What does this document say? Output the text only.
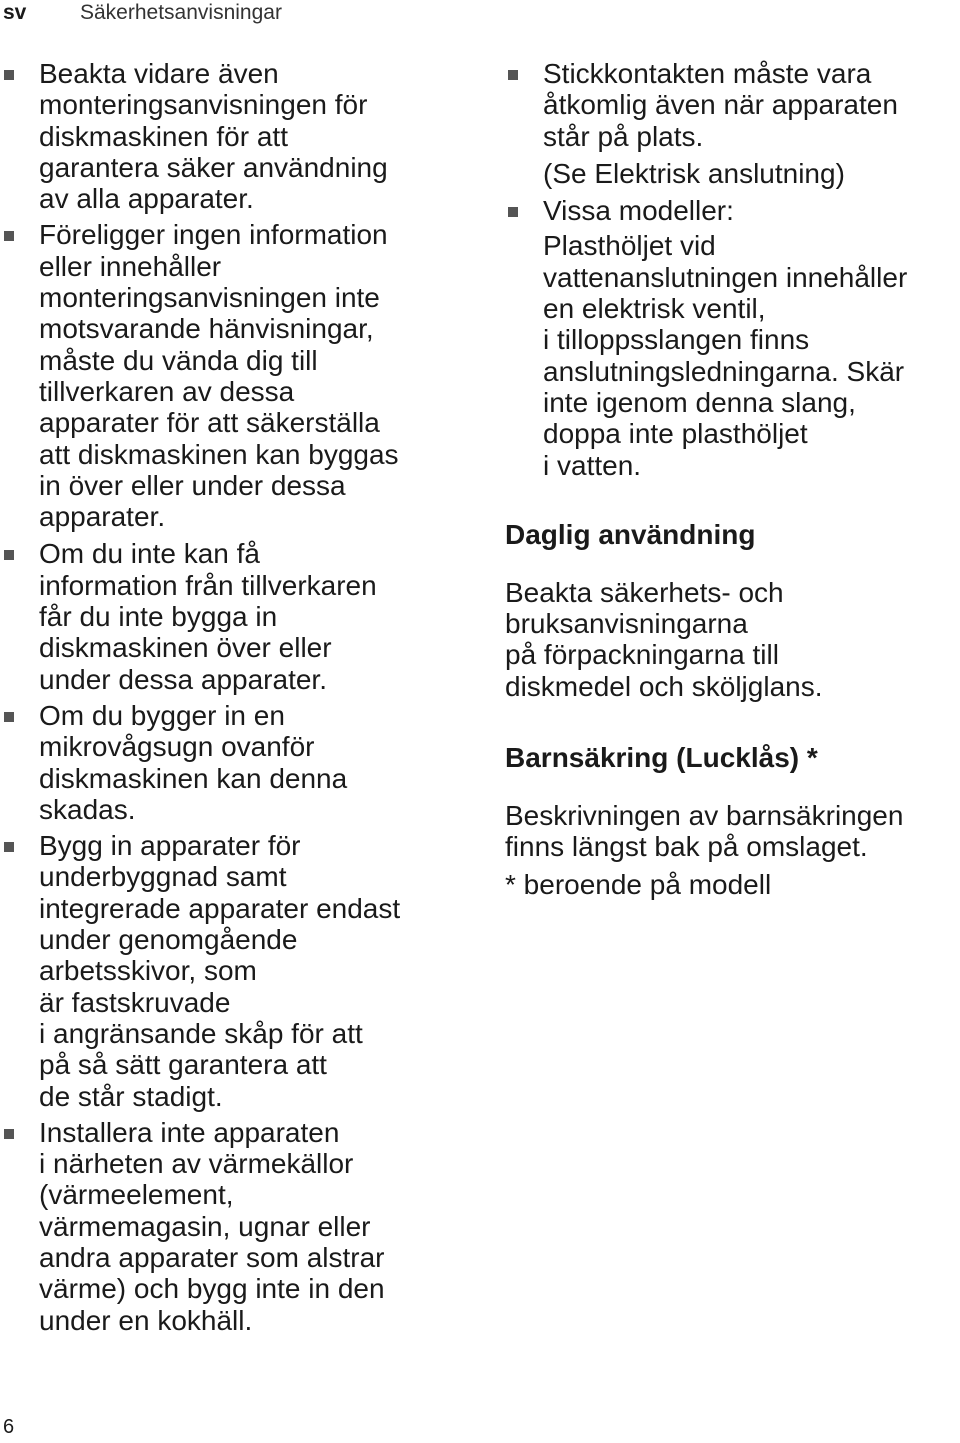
sv	Säkerhetsanvisningar
Beakta vidare även
monteringsanvisningen för
diskmaskinen för att
garantera säker användning
av alla apparater.
Föreligger ingen information
eller innehåller
monteringsanvisningen inte
motsvarande hänvisningar,
måste du vända dig till
tillverkaren av dessa
apparater för att säkerställa
att diskmaskinen kan byggas
in över eller under dessa
apparater.
Om du inte kan få
information från tillverkaren
får du inte bygga in
diskmaskinen över eller
under dessa apparater.
Om du bygger in en
mikrovågsugn ovanför
diskmaskinen kan denna
skadas.
Bygg in apparater för
underbyggnad samt
integrerade apparater endast
under genomgående
arbetsskivor, som
är fastskruvade
i angränsande skåp för att
på så sätt garantera att
de står stadigt.
Installera inte apparaten
i närheten av värmekällor
(värmeelement,
värmemagasin, ugnar eller
andra apparater som alstrar
värme) och bygg inte in den
under en kokhäll.
Stickkontakten måste vara
åtkomlig även när apparaten
står på plats.
(Se Elektrisk anslutning)
Vissa modeller:
Plasthöljet vid
vattenanslutningen innehåller
en elektrisk ventil,
i tilloppsslangen finns
anslutningsledningarna. Skär
inte igenom denna slang,
doppa inte plasthöljet
i vatten.
Daglig användning
Beakta säkerhets- och
bruksanvisningarna
på förpackningarna till
diskmedel och sköljglans.
Barnsäkring (Lucklås) *
Beskrivningen av barnsäkringen
finns längst bak på omslaget.
* beroende på modell
6
